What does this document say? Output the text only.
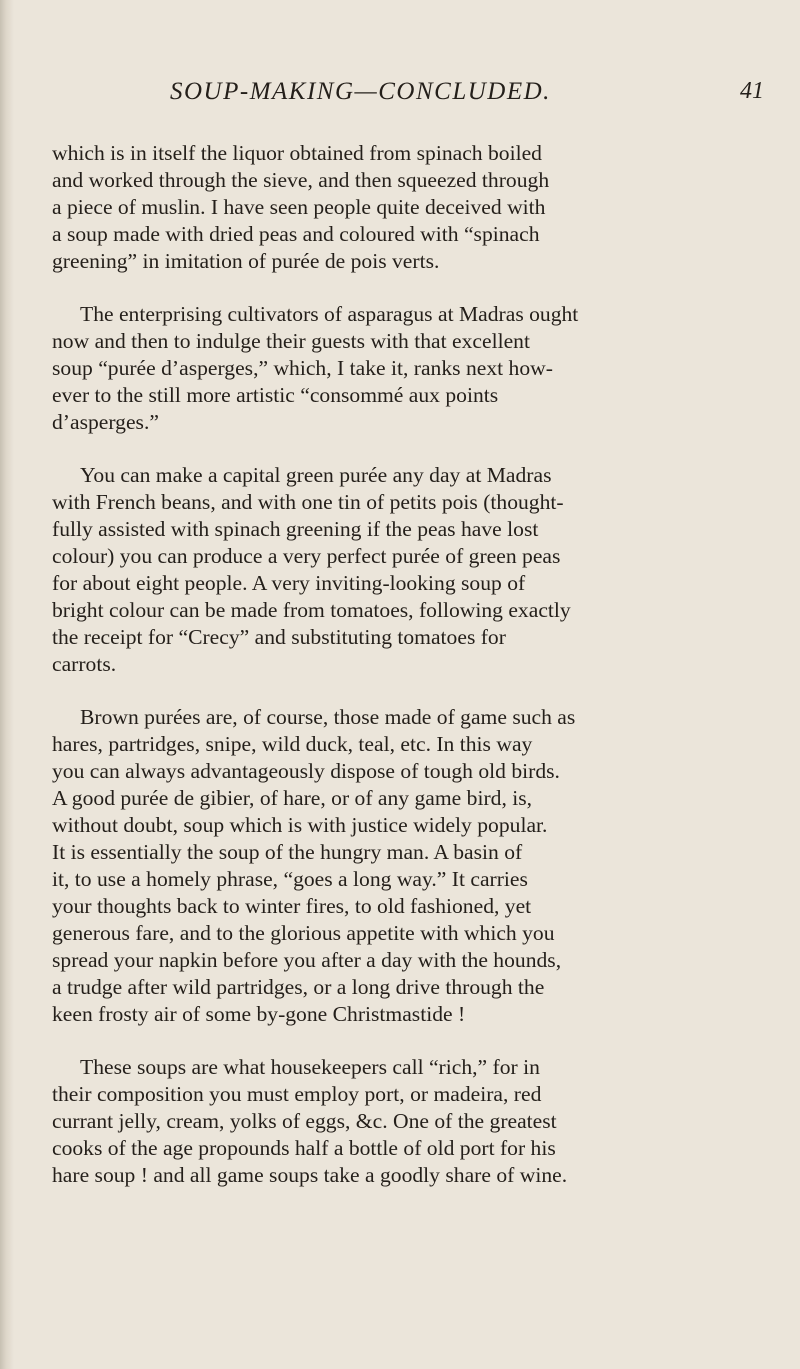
SOUP-MAKING—CONCLUDED.	41
which is in itself the liquor obtained from spinach boiled
and worked through the sieve, and then squeezed through
a piece of muslin. I have seen people quite deceived with
a soup made with dried peas and coloured with “spinach
greening” in imitation of purée de pois verts.
The enterprising cultivators of asparagus at Madras ought
now and then to indulge their guests with that excellent
soup “purée d’asperges,” which, I take it, ranks next how-
ever to the still more artistic “consommé aux points
d’asperges.”
You can make a capital green purée any day at Madras
with French beans, and with one tin of petits pois (thought-
fully assisted with spinach greening if the peas have lost
colour) you can produce a very perfect purée of green peas
for about eight people. A very inviting-looking soup of
bright colour can be made from tomatoes, following exactly
the receipt for “Crecy” and substituting tomatoes for
carrots.
Brown purées are, of course, those made of game such as
hares, partridges, snipe, wild duck, teal, etc. In this way
you can always advantageously dispose of tough old birds.
A good purée de gibier, of hare, or of any game bird, is,
without doubt, soup which is with justice widely popular.
It is essentially the soup of the hungry man. A basin of
it, to use a homely phrase, “goes a long way.” It carries
your thoughts back to winter fires, to old fashioned, yet
generous fare, and to the glorious appetite with which you
spread your napkin before you after a day with the hounds,
a trudge after wild partridges, or a long drive through the
keen frosty air of some by-gone Christmastide !
These soups are what housekeepers call “rich,” for in
their composition you must employ port, or madeira, red
currant jelly, cream, yolks of eggs, &c. One of the greatest
cooks of the age propounds half a bottle of old port for his
hare soup ! and all game soups take a goodly share of wine.
